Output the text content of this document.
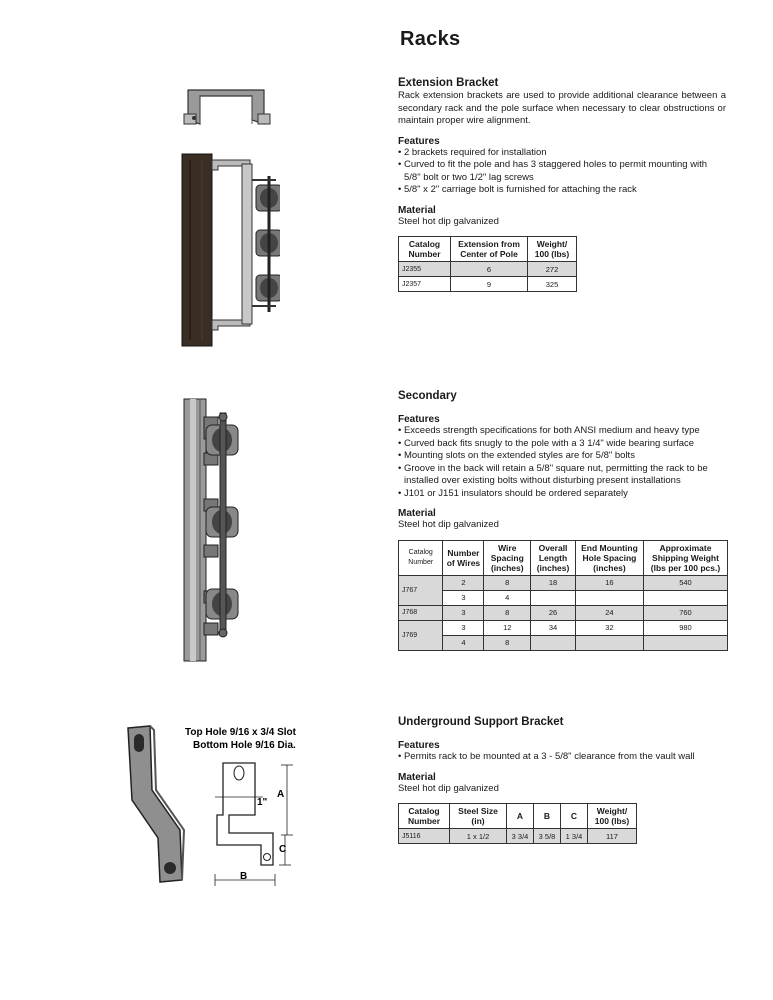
Racks

Extension Bracket

Rack extension brackets are used to provide additional clearance between a secondary rack and the pole surface when necessary to clear obstructions or maintain proper wire alignment.

Features

• 2 brackets required for installation
• Curved to fit the pole and has 3 staggered holes to permit mounting with 5/8" bolt or two 1/2" lag screws
• 5/8" x 2" carriage bolt is furnished for attaching the rack

Material

Steel hot dip galvanized

Catalog Number	Extension from Center of Pole	Weight/ 100 (lbs)
J2355	6	272
J2357	9	325

Secondary

Features

• Exceeds strength specifications for both ANSI medium and heavy type
• Curved back fits snugly to the pole with a 3 1/4" wide bearing surface
• Mounting slots on the extended styles are for 5/8" bolts
• Groove in the back will retain a 5/8" square nut, permitting the rack to be installed over existing bolts without disturbing present installations
• J101 or J151 insulators should be ordered separately

Material

Steel hot dip galvanized

Catalog Number	Number of Wires	Wire Spacing (inches)	Overall Length (inches)	End Mounting Hole Spacing (inches)	Approximate Shipping Weight (lbs per 100 pcs.)
J767	2	8	18	16	540
	3	4			
J768	3	8	26	24	760
J769	3	12	34	32	980
	4	8			
Top Hole 9/16 x 3/4 Slot
Bottom Hole 9/16 Dia.
1"
A
C
B

Underground Support Bracket

Features

• Permits rack to be mounted at a 3 - 5/8" clearance from the vault wall

Material

Steel hot dip galvanized

Catalog Number	Steel Size (in)	A	B	C	Weight/ 100 (lbs)
J5116	1 x 1/2	3 3/4	3 5/8	1 3/4	117
